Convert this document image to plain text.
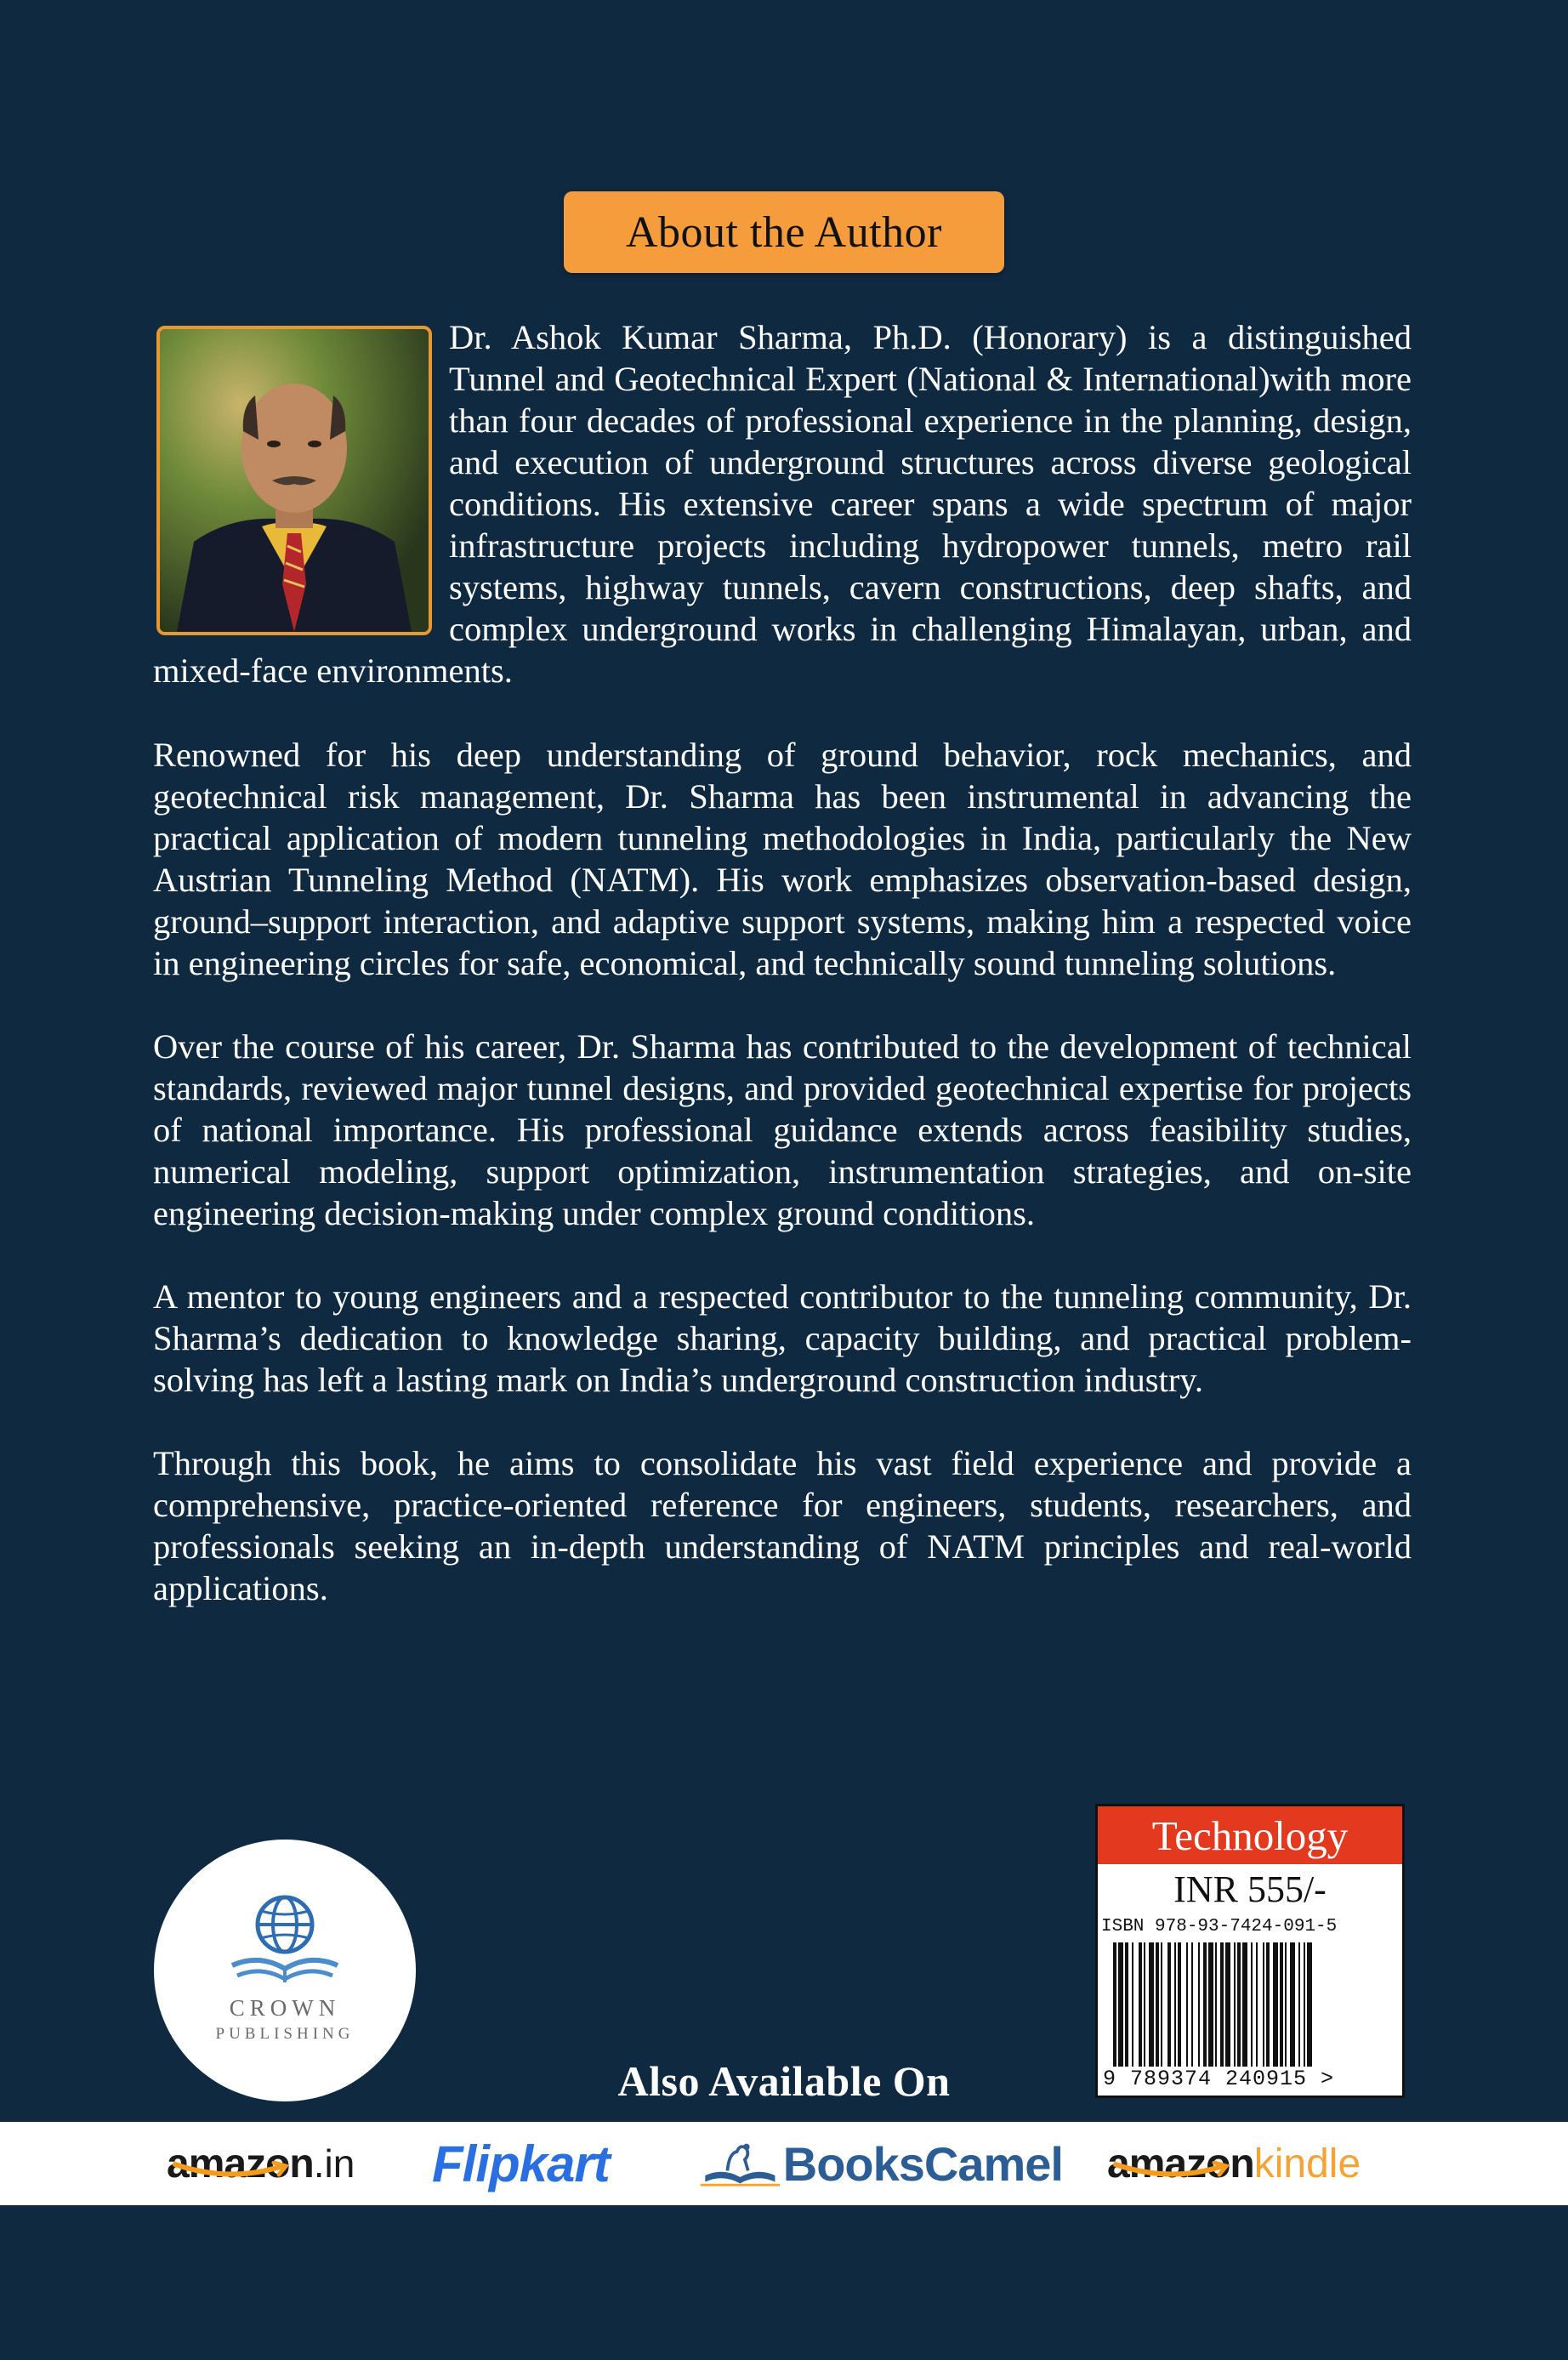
About the Author

Dr. Ashok Kumar Sharma, Ph.D. (Honorary) is a distinguished Tunnel and Geotechnical Expert (National & International)with more than four decades of professional experience in the planning, design, and execution of underground structures across diverse geological conditions. His extensive career spans a wide spectrum of major infrastructure projects including hydropower tunnels, metro rail systems, highway tunnels, cavern constructions, deep shafts, and complex underground works in challenging Himalayan, urban, and mixed-face environments.

Renowned for his deep understanding of ground behavior, rock mechanics, and geotechnical risk management, Dr. Sharma has been instrumental in advancing the practical application of modern tunneling methodologies in India, particularly the New Austrian Tunneling Method (NATM). His work emphasizes observation-based design, ground–support interaction, and adaptive support systems, making him a respected voice in engineering circles for safe, economical, and technically sound tunneling solutions.

Over the course of his career, Dr. Sharma has contributed to the development of technical standards, reviewed major tunnel designs, and provided geotechnical expertise for projects of national importance. His professional guidance extends across feasibility studies, numerical modeling, support optimization, instrumentation strategies, and on-site engineering decision-making under complex ground conditions.

A mentor to young engineers and a respected contributor to the tunneling community, Dr. Sharma’s dedication to knowledge sharing, capacity building, and practical problem-solving has left a lasting mark on India’s underground construction industry.

Through this book, he aims to consolidate his vast field experience and provide a comprehensive, practice-oriented reference for engineers, students, researchers, and professionals seeking an in-depth understanding of NATM principles and real-world applications.

CROWN
PUBLISHING
Technology
INR 555/-
ISBN 978-93-7424-091-5
9 789374 240915 >
Also Available On
amazon .in Flipkart	BooksCamel amazon kindle
